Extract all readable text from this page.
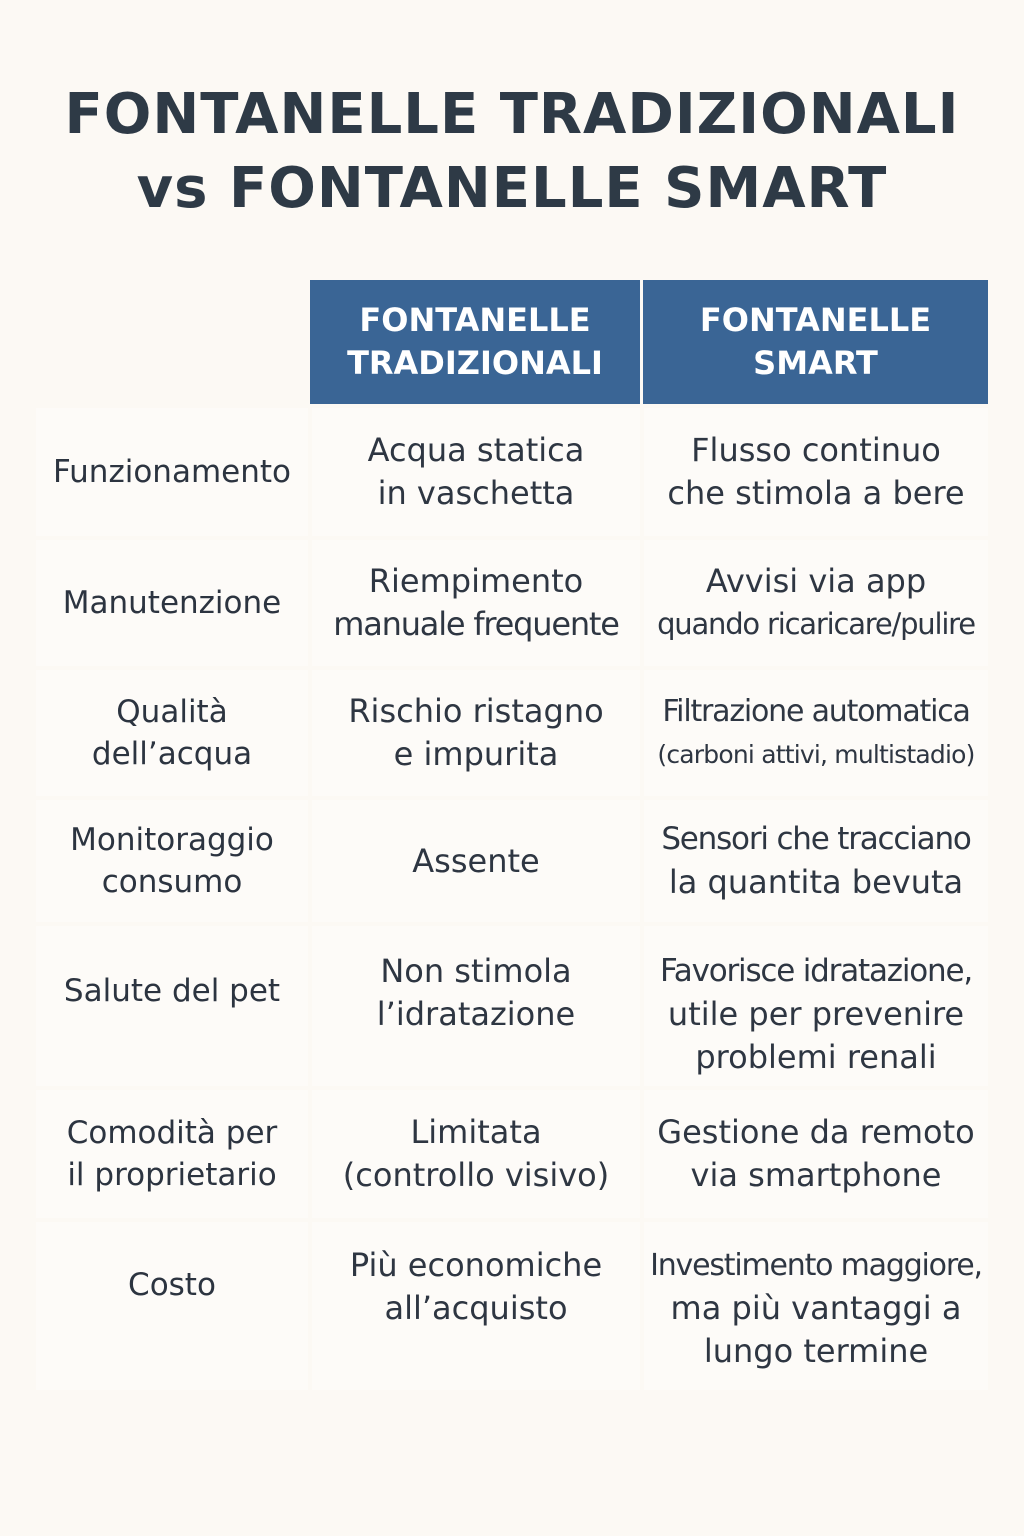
FONTANELLE TRADIZIONALI
vs FONTANELLE SMART
FONTANELLE
TRADIZIONALI
FONTANELLE
SMART
Funzionamento
Acqua statica
in vaschetta
Flusso continuo
che stimola a bere
Manutenzione
Riempimento
manuale frequente
Avvisi via app
quando ricaricare/pulire
Qualità
dell’acqua
Rischio ristagno
e impurita
Filtrazione automatica
(carboni attivi, multistadio)
Monitoraggio
consumo
Assente
Sensori che tracciano
la quantita bevuta
Salute del pet
Non stimola
l’idratazione
Favorisce idratazione,
utile per prevenire
problemi renali
Comodità per
il proprietario
Limitata
(controllo visivo)
Gestione da remoto
via smartphone
Costo
Più economiche
all’acquisto
Investimento maggiore,
ma più vantaggi a
lungo termine
